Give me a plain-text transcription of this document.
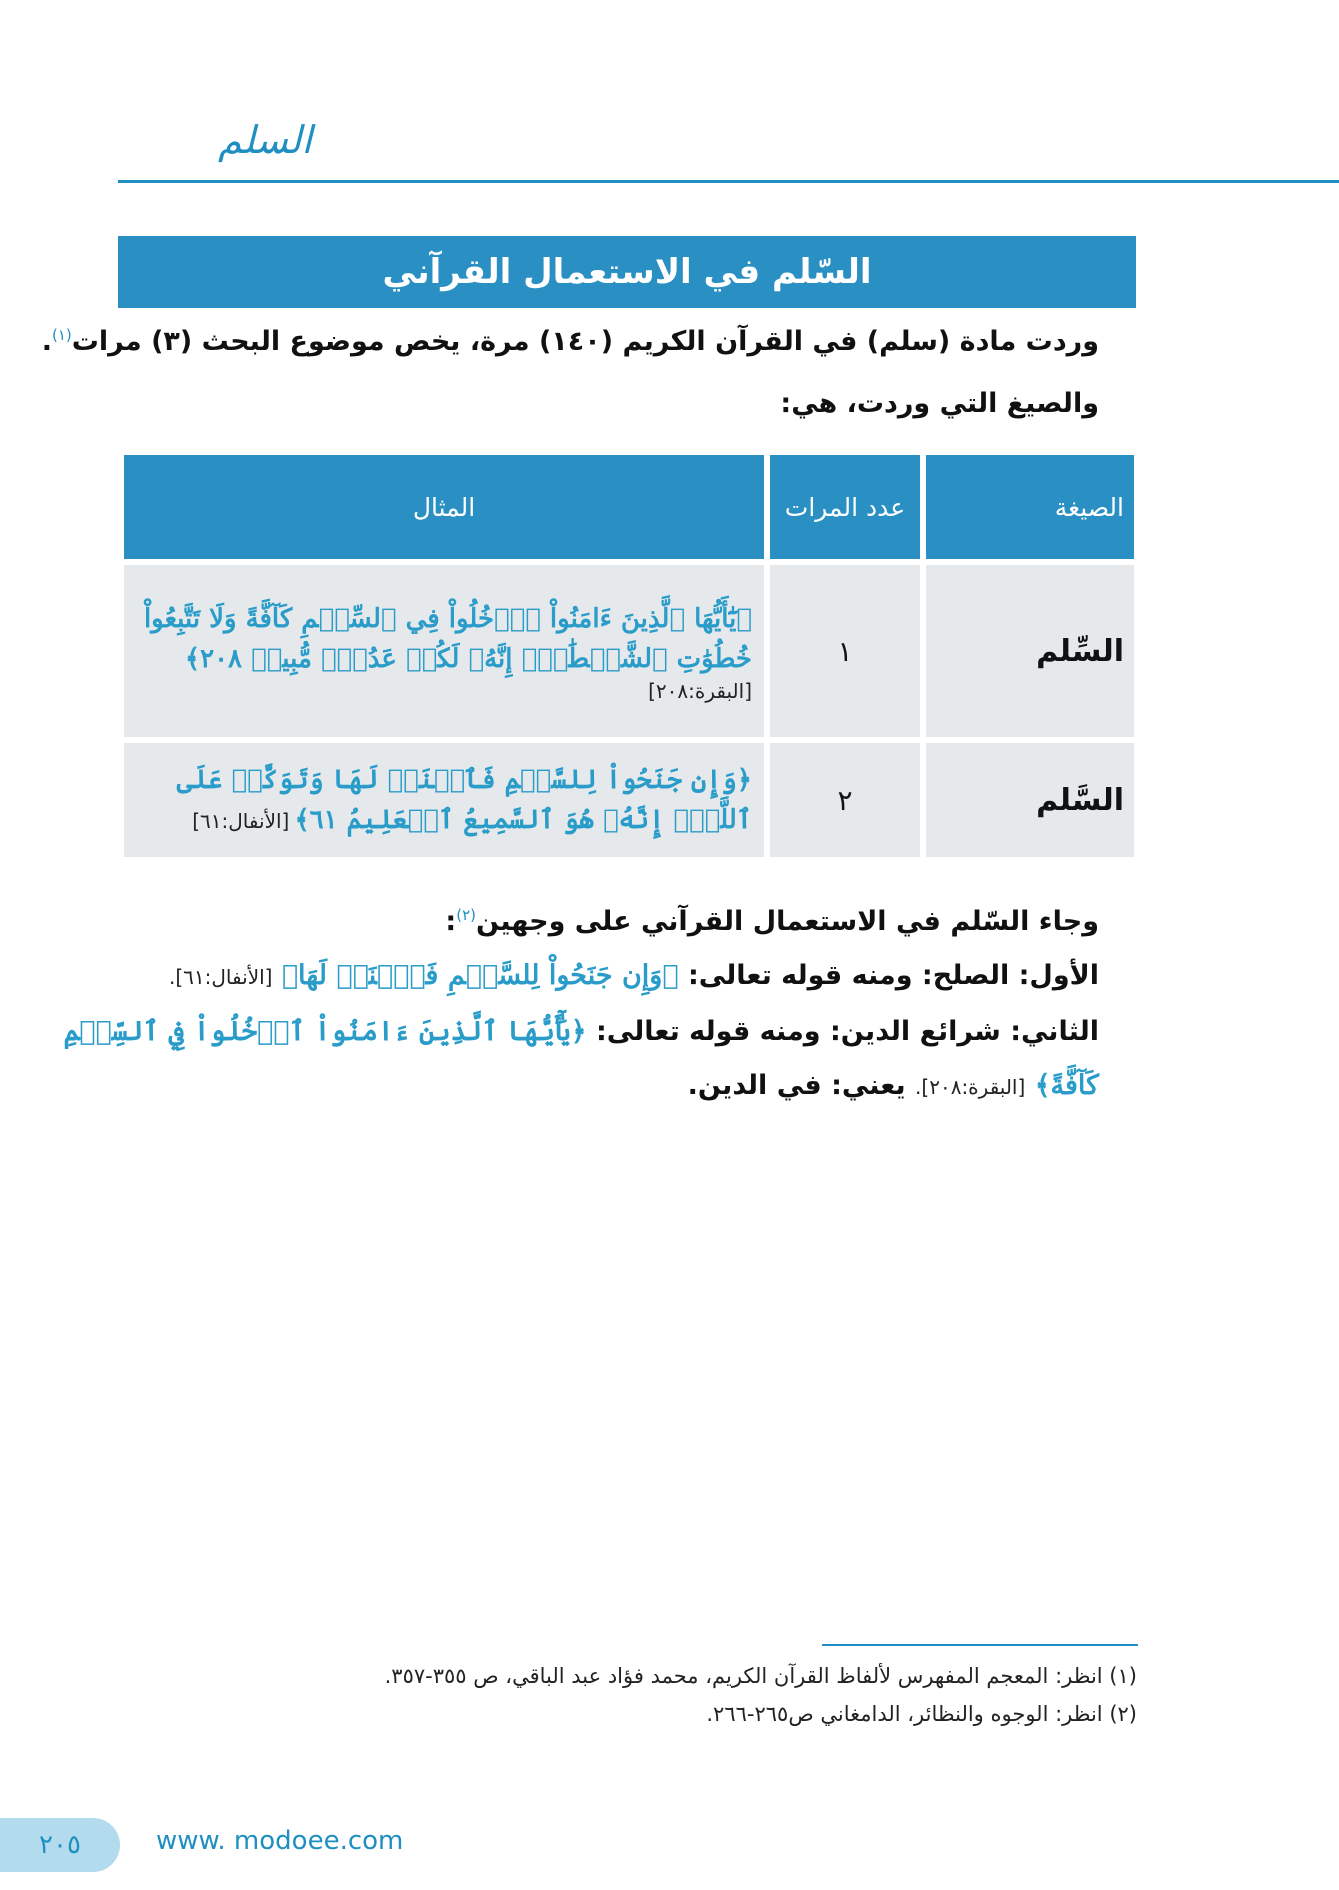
السلم
السّلم في الاستعمال القرآني
وردت مادة (سلم) في القرآن الكريم (١٤٠) مرة، يخص موضوع البحث (٣) مرات$^{(١)}$.
والصيغ التي وردت، هي:
الصيغة	عدد المرات	المثال
السِّلم	١	﴿يَٰٓأَيُّهَا ٱلَّذِينَ ءَامَنُواْ ٱدۡخُلُواْ فِي ٱلسِّلۡمِ كَآفَّةً وَلَا تَتَّبِعُواْ خُطُوَٰتِ ٱلشَّيۡطَٰنِۚ إِنَّهُۥ لَكُمۡ عَدُوّٞ مُّبِينٞ ٢٠٨﴾ [البقرة:٢٠٨]
السَّلم	٢	﴿وَإِن جَنَحُواْ لِلسَّلۡمِ فَٱجۡنَحۡ لَهَا وَتَوَكَّلۡ عَلَى ٱللَّهِۚ إِنَّهُۥ هُوَ ٱلسَّمِيعُ ٱلۡعَلِيمُ ٦١﴾ [الأنفال:٦١]
وجاء السّلم في الاستعمال القرآني على وجهين$^{(٢)}$:
الأول: الصلح: ومنه قوله تعالى: ﴿وَإِن جَنَحُواْ لِلسَّلۡمِ فَٱجۡنَحۡ لَهَا﴾ [الأنفال:٦١].
الثاني: شرائع الدين: ومنه قوله تعالى: ﴿يَٰٓأَيُّهَا ٱلَّذِينَ ءَامَنُواْ ٱدۡخُلُواْ فِي ٱلسِّلۡمِ
كَآفَّةً﴾ [البقرة:٢٠٨]. يعني: في الدين.
(١) انظر: المعجم المفهرس لألفاظ القرآن الكريم، محمد فؤاد عبد الباقي، ص ٣٥٥-٣٥٧.
(٢) انظر: الوجوه والنظائر، الدامغاني ص٢٦٥-٢٦٦.
٢٠٥	www. modoee.com
